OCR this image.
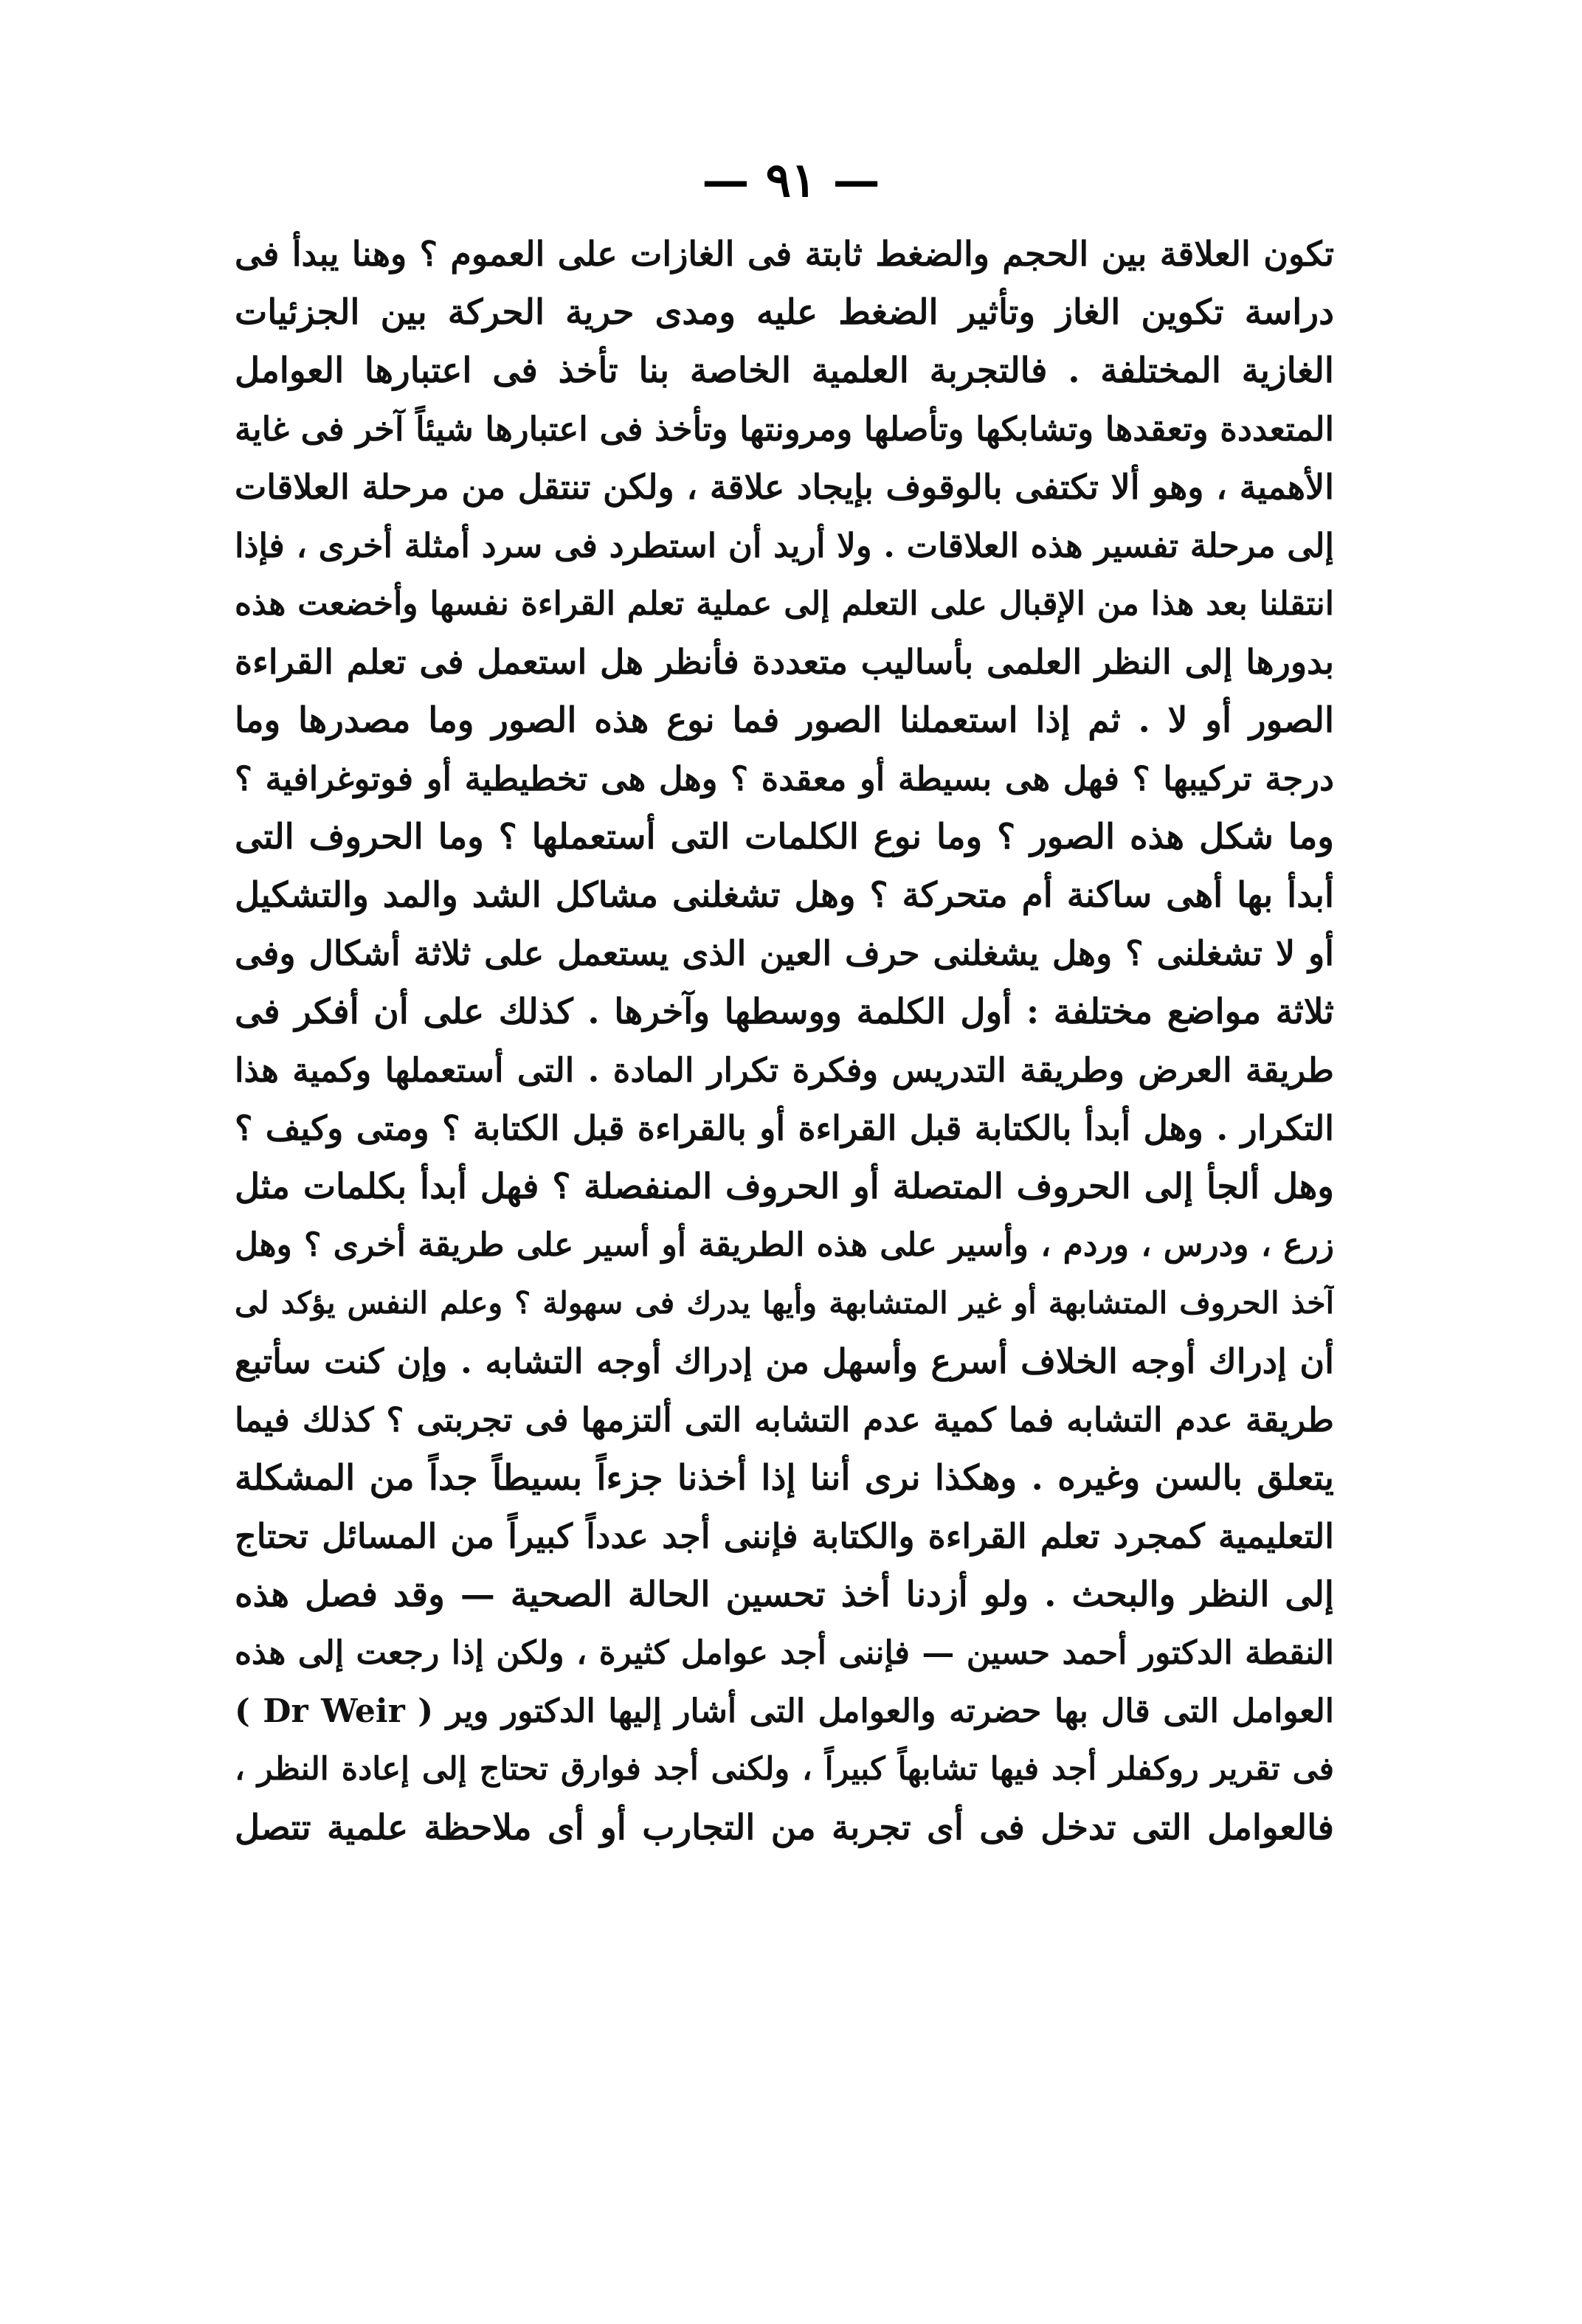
— ٩١ —
تكون العلاقة بين الحجم والضغط ثابتة فى الغازات على العموم ؟ وهنا يبدأ فى
دراسة تكوين الغاز وتأثير الضغط عليه ومدى حرية الحركة بين الجزئيات
الغازية المختلفة . فالتجربة العلمية الخاصة بنا تأخذ فى اعتبارها العوامل
المتعددة وتعقدها وتشابكها وتأصلها ومرونتها وتأخذ فى اعتبارها شيئاً آخر فى غاية
الأهمية ، وهو ألا تكتفى بالوقوف بإيجاد علاقة ، ولكن تنتقل من مرحلة العلاقات
إلى مرحلة تفسير هذه العلاقات . ولا أريد أن استطرد فى سرد أمثلة أخرى ، فإذا
انتقلنا بعد هذا من الإقبال على التعلم إلى عملية تعلم القراءة نفسها وأخضعت هذه
بدورها إلى النظر العلمى بأساليب متعددة فأنظر هل استعمل فى تعلم القراءة
الصور أو لا . ثم إذا استعملنا الصور فما نوع هذه الصور وما مصدرها وما
درجة تركيبها ؟ فهل هى بسيطة أو معقدة ؟ وهل هى تخطيطية أو فوتوغرافية ؟
وما شكل هذه الصور ؟ وما نوع الكلمات التى أستعملها ؟ وما الحروف التى
أبدأ بها أهى ساكنة أم متحركة ؟ وهل تشغلنى مشاكل الشد والمد والتشكيل
أو لا تشغلنى ؟ وهل يشغلنى حرف العين الذى يستعمل على ثلاثة أشكال وفى
ثلاثة مواضع مختلفة : أول الكلمة ووسطها وآخرها . كذلك على أن أفكر فى
طريقة العرض وطريقة التدريس وفكرة تكرار المادة . التى أستعملها وكمية هذا
التكرار . وهل أبدأ بالكتابة قبل القراءة أو بالقراءة قبل الكتابة ؟ ومتى وكيف ؟
وهل ألجأ إلى الحروف المتصلة أو الحروف المنفصلة ؟ فهل أبدأ بكلمات مثل
زرع ، ودرس ، وردم ، وأسير على هذه الطريقة أو أسير على طريقة أخرى ؟ وهل
آخذ الحروف المتشابهة أو غير المتشابهة وأيها يدرك فى سهولة ؟ وعلم النفس يؤكد لى
أن إدراك أوجه الخلاف أسرع وأسهل من إدراك أوجه التشابه . وإن كنت سأتبع
طريقة عدم التشابه فما كمية عدم التشابه التى ألتزمها فى تجربتى ؟ كذلك فيما
يتعلق بالسن وغيره . وهكذا نرى أننا إذا أخذنا جزءاً بسيطاً جداً من المشكلة
التعليمية كمجرد تعلم القراءة والكتابة فإننى أجد عدداً كبيراً من المسائل تحتاج
إلى النظر والبحث . ولو أزدنا أخذ تحسين الحالة الصحية — وقد فصل هذه
النقطة الدكتور أحمد حسين — فإننى أجد عوامل كثيرة ، ولكن إذا رجعت إلى هذه
العوامل التى قال بها حضرته والعوامل التى أشار إليها الدكتور وير ( Dr Weir )
فى تقرير روكفلر أجد فيها تشابهاً كبيراً ، ولكنى أجد فوارق تحتاج إلى إعادة النظر ،
فالعوامل التى تدخل فى أى تجربة من التجارب أو أى ملاحظة علمية تتصل
